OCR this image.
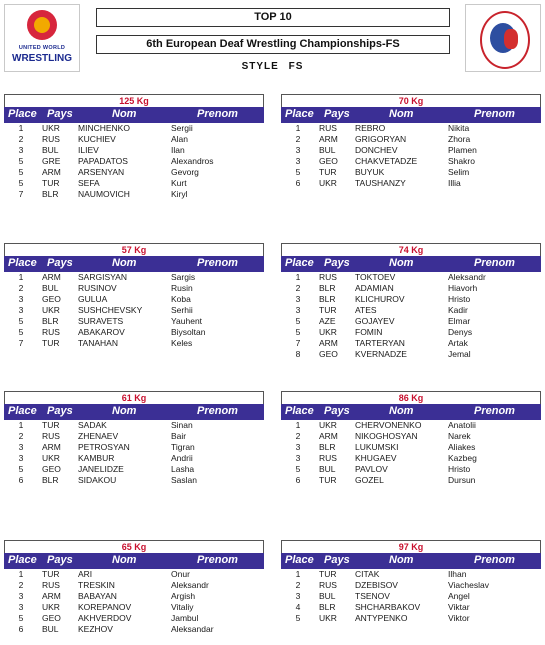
UNITED WORLD
WRESTLING
TOP 10
6th European Deaf Wrestling Championships-FS
STYLE FS
125 Kg
Place Pays	Nom	Prenom
1	UKR	MINCHENKO	Sergii
2	RUS	KUCHIEV	Alan
3	BUL	ILIEV	Ilan
5	GRE	PAPADATOS	Alexandros
5	ARM	ARSENYAN	Gevorg
5	TUR	SEFA	Kurt
7	BLR	NAUMOVICH	Kiryl
70 Kg
Place Pays	Nom	Prenom
1	RUS	REBRO	Nikita
2	ARM	GRIGORYAN	Zhora
3	BUL	DONCHEV	Plamen
3	GEO	CHAKVETADZE	Shakro
5	TUR	BUYUK	Selim
6	UKR	TAUSHANZY	Illia
57 Kg
Place Pays	Nom	Prenom
1	ARM	SARGISYAN	Sargis
2	BUL	RUSINOV	Rusin
3	GEO	GULUA	Koba
3	UKR	SUSHCHEVSKY	Serhii
5	BLR	SURAVETS	Yauhent
5	RUS	ABAKAROV	Biysoltan
7	TUR	TANAHAN	Keles
74 Kg
Place Pays	Nom	Prenom
1	RUS	TOKTOEV	Aleksandr
2	BLR	ADAMIAN	Hiavorh
3	BLR	KLICHUROV	Hristo
3	TUR	ATES	Kadir
5	AZE	GOJAYEV	Elmar
5	UKR	FOMIN	Denys
7	ARM	TARTERYAN	Artak
8	GEO	KVERNADZE	Jemal
61 Kg
Place Pays	Nom	Prenom
1	TUR	SADAK	Sinan
2	RUS	ZHENAEV	Bair
3	ARM	PETROSYAN	Tigran
3	UKR	KAMBUR	Andrii
5	GEO	JANELIDZE	Lasha
6	BLR	SIDAKOU	Saslan
86 Kg
Place Pays	Nom	Prenom
1	UKR	CHERVONENKO	Anatolii
2	ARM	NIKOGHOSYAN	Narek
3	BLR	LUKUMSKI	Aliakes
3	RUS	KHUGAEV	Kazbeg
5	BUL	PAVLOV	Hristo
6	TUR	GOZEL	Dursun
65 Kg
Place Pays	Nom	Prenom
1	TUR	ARI	Onur
2	RUS	TRESKIN	Aleksandr
3	ARM	BABAYAN	Argish
3	UKR	KOREPANOV	Vitaliy
5	GEO	AKHVERDOV	Jambul
6	BUL	KEZHOV	Aleksandar
97 Kg
Place Pays	Nom	Prenom
1	TUR	CITAK	Ilhan
2	RUS	DZEBISOV	Viacheslav
3	BUL	TSENOV	Angel
4	BLR	SHCHARBAKOV	Viktar
5	UKR	ANTYPENKO	Viktor
